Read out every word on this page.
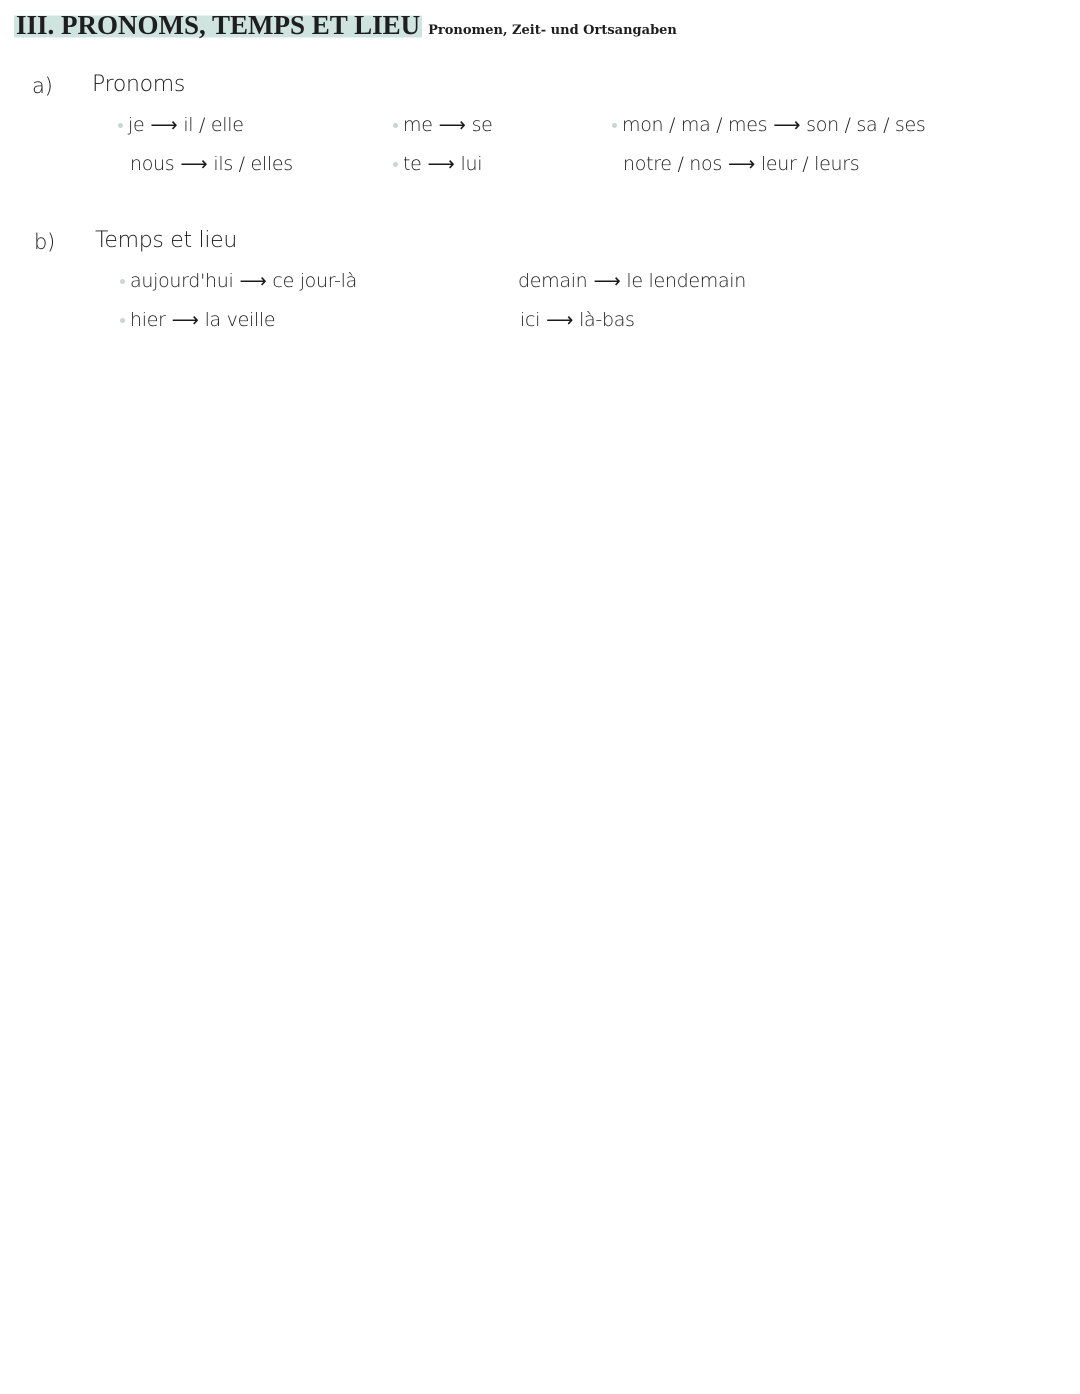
III. PRONOMS, TEMPS ET LIEU Pronomen, Zeit- und Ortsangaben
a) Pronoms
je ⟶ il / elle
nous ⟶ ils / elles
me ⟶ se
te ⟶ lui
mon / ma / mes ⟶ son / sa / ses
notre / nos ⟶ leur / leurs
b) Temps et lieu
aujourd'hui ⟶ ce jour-là
hier ⟶ la veille
demain ⟶ le lendemain
ici ⟶ là-bas
